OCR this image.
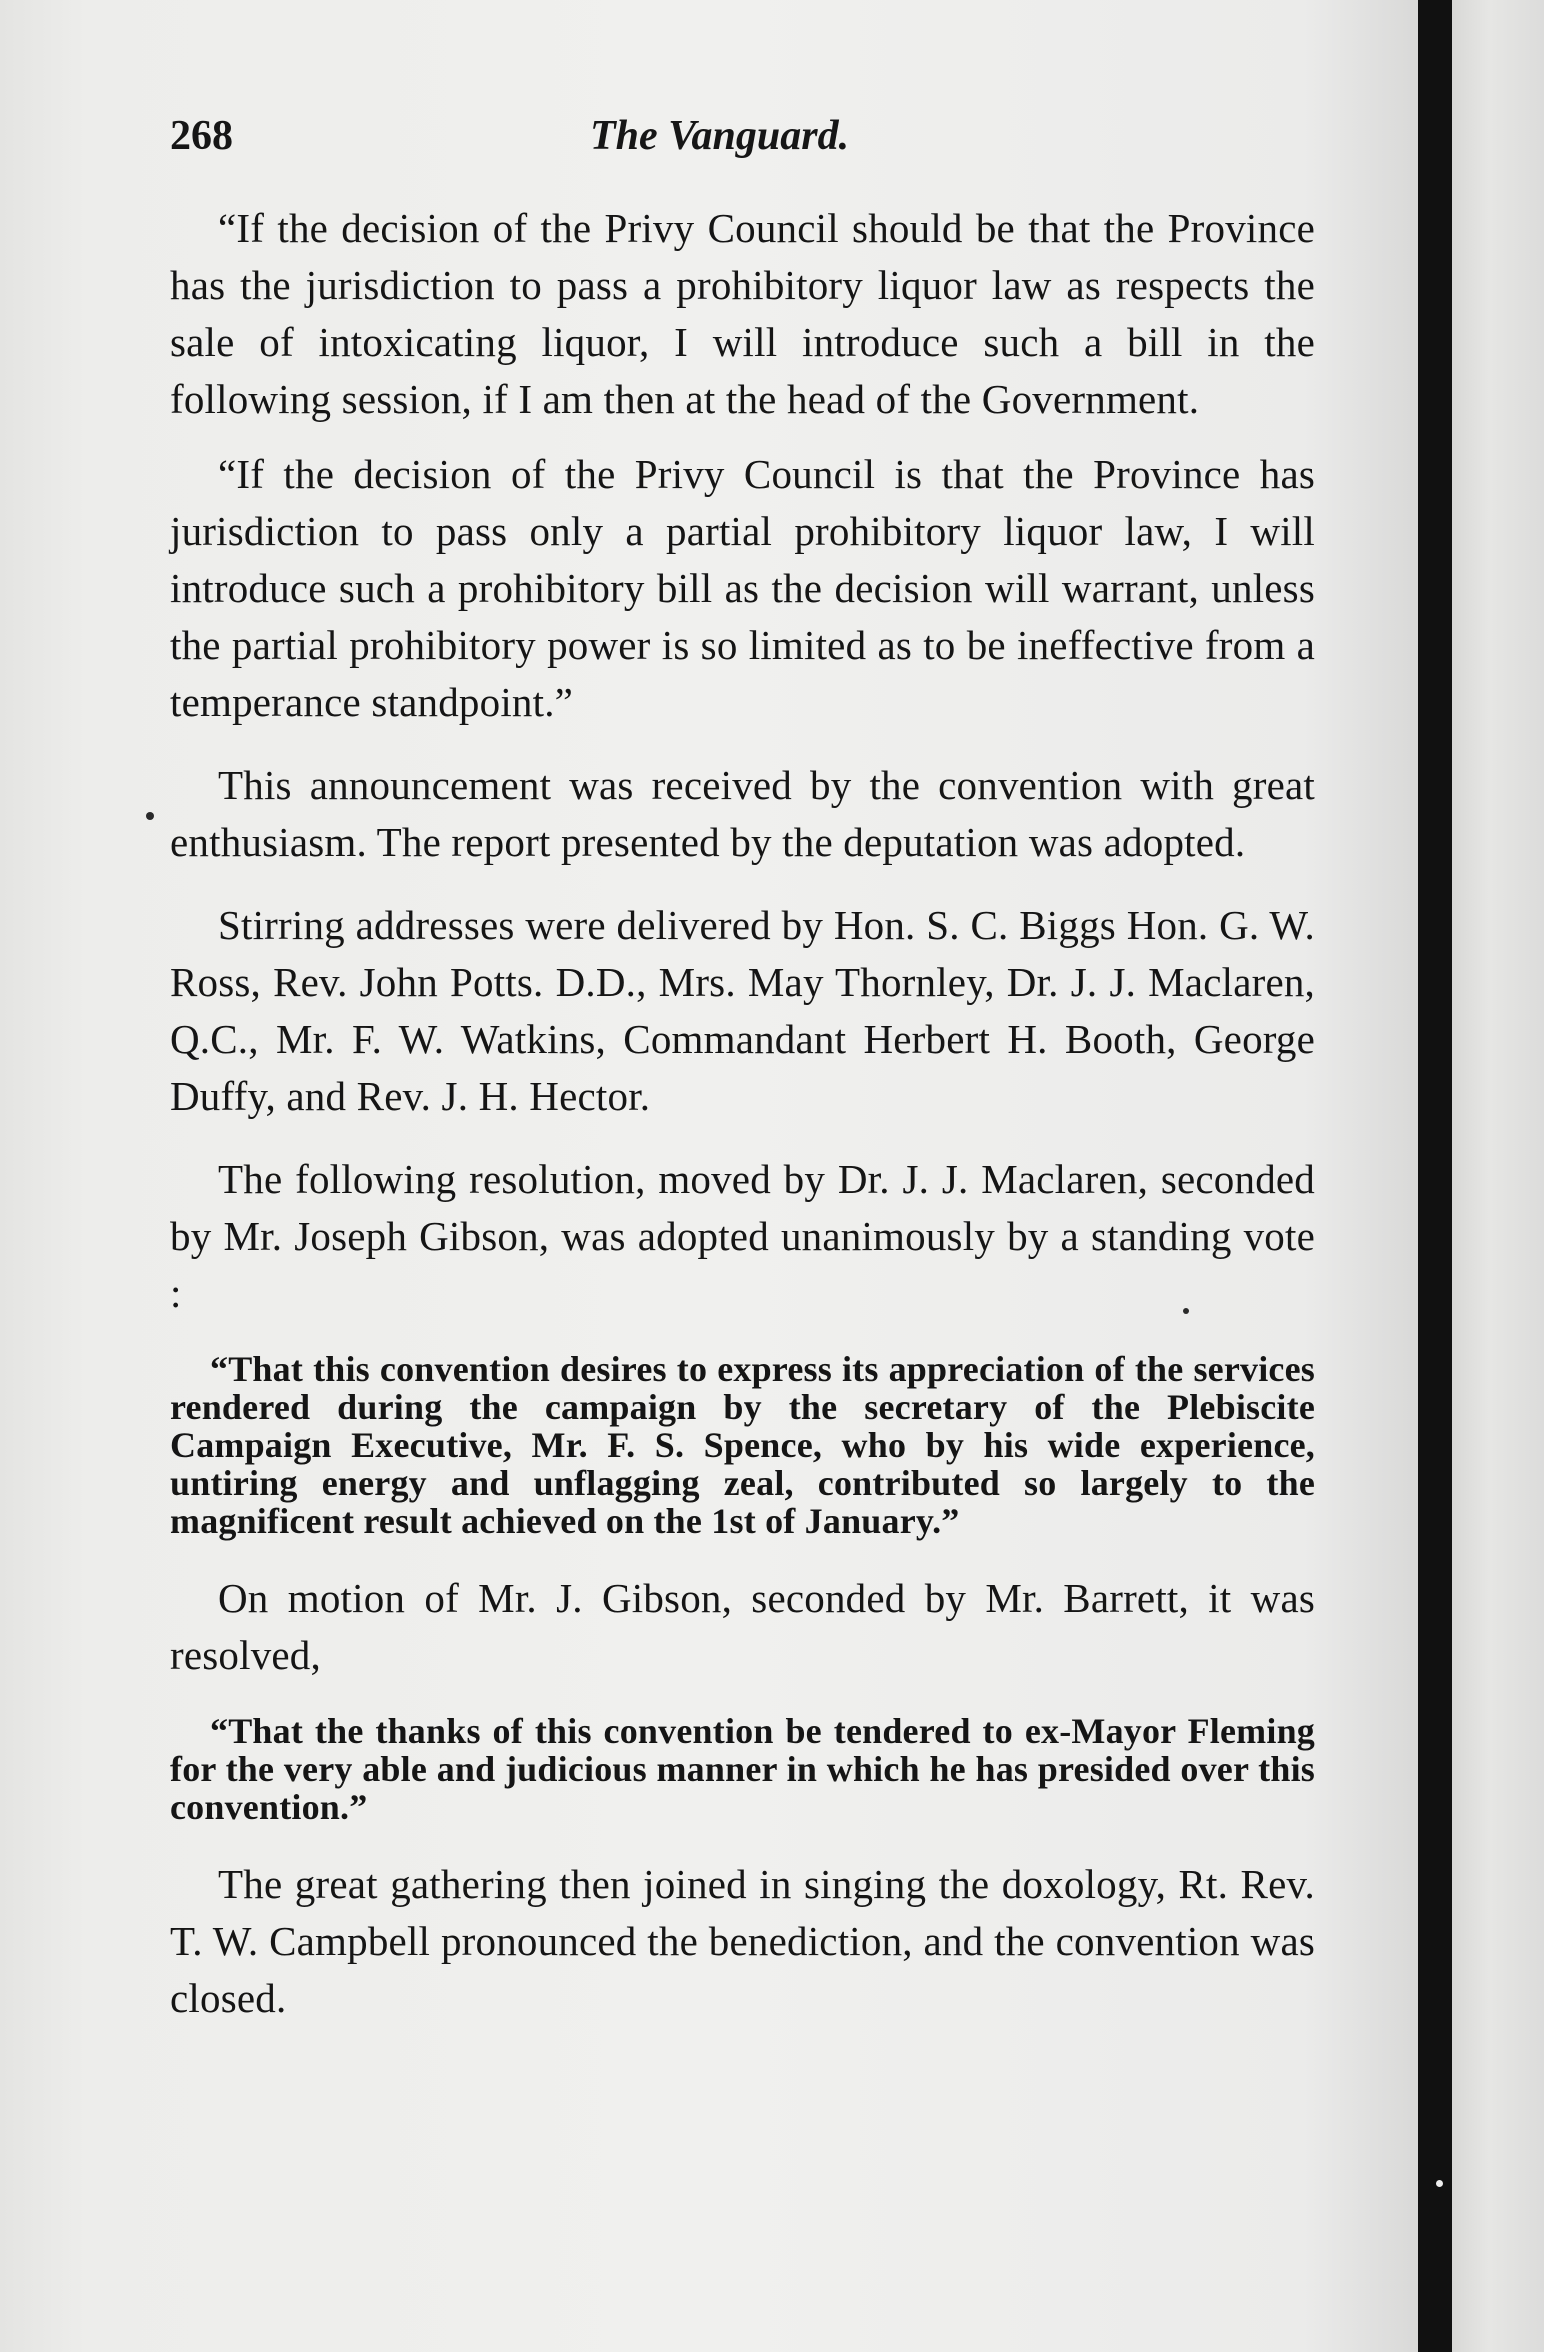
268	The Vanguard.

“If the decision of the Privy Council should be that the Province has the jurisdiction to pass a prohibitory liquor law as respects the sale of intoxicating liquor, I will introduce such a bill in the following session, if I am then at the head of the Government.

“If the decision of the Privy Council is that the Province has jurisdiction to pass only a partial prohibitory liquor law, I will introduce such a prohibitory bill as the decision will warrant, unless the partial prohibitory power is so limited as to be ineffective from a temperance standpoint.”

This announcement was received by the convention with great enthusiasm. The report presented by the deputation was adopted.

Stirring addresses were delivered by Hon. S. C. Biggs Hon. G. W. Ross, Rev. John Potts. D.D., Mrs. May Thornley, Dr. J. J. Maclaren, Q.C., Mr. F. W. Watkins, Commandant Herbert H. Booth, George Duffy, and Rev. J. H. Hector.

The following resolution, moved by Dr. J. J. Maclaren, seconded by Mr. Joseph Gibson, was adopted unanimously by a standing vote :

“That this convention desires to express its appreciation of the services rendered during the campaign by the secretary of the Plebiscite Campaign Executive, Mr. F. S. Spence, who by his wide experience, untiring energy and unflagging zeal, contributed so largely to the magnificent result achieved on the 1st of January.”

On motion of Mr. J. Gibson, seconded by Mr. Barrett, it was resolved,

“That the thanks of this convention be tendered to ex-Mayor Fleming for the very able and judicious manner in which he has presided over this convention.”

The great gathering then joined in singing the doxology, Rt. Rev. T. W. Campbell pronounced the benediction, and the convention was closed.
